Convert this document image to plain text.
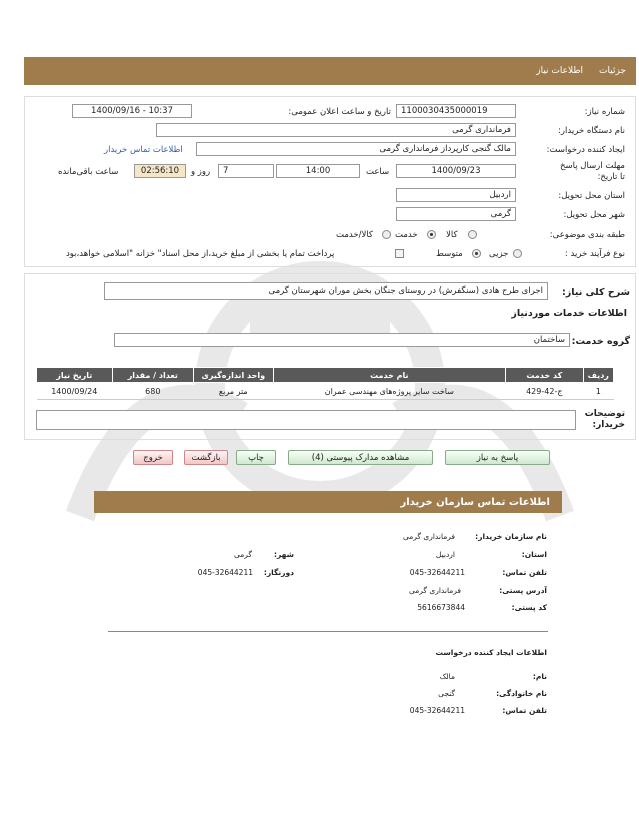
جزئیات
اطلاعات نیاز
شماره نیاز:
1100030435000019
تاریخ و ساعت اعلان عمومی:
1400/09/16 - 10:37
نام دستگاه خریدار:
فرمانداری گرمی
ایجاد کننده درخواست:
مالک گنجی کارپرداز فرمانداری گرمی
اطلاعات تماس خریدار
مهلت ارسال پاسخ تا تاریخ:
1400/09/23
ساعت
14:00
7
روز و
02:56:10
ساعت باقی‌مانده
استان محل تحویل:
اردبیل
شهر محل تحویل:
گرمی
طبقه بندی موضوعی:
کالا
خدمت
کالا/خدمت
نوع فرآیند خرید :
جزیی
متوسط
پرداخت تمام یا بخشی از مبلغ خرید،از محل اسناد" خزانه "اسلامی خواهد،بود
شرح کلی نیاز:
اجرای طرح هادی (سنگفرش) در روستای جنگان بخش موران شهرستان گرمی
اطلاعات خدمات موردنیاز
گروه خدمت:
ساختمان
ردیف	کد خدمت	نام خدمت	واحد اندازه‌گیری	تعداد / مقدار	تاریخ نیاز
1	ج-42-429	ساخت سایر پروژه‌های مهندسی عمران	متر مربع	680	1400/09/24
توضیحات خریدار:
پاسخ به نیاز
مشاهده مدارک پیوستی (4)
چاپ
بازگشت
خروج
اطلاعات تماس سازمان خریدار
نام سازمان خریدار:
فرمانداری گرمی
استان:
اردبیل
شهر:
گرمی
تلفن تماس:
045-32644211
دورنگار:
045-32644211
آدرس پستی:
فرمانداری گرمی
کد پستی:
5616673844
اطلاعات ایجاد کننده درخواست
نام:
مالک
نام خانوادگی:
گنجی
تلفن تماس:
045-32644211
